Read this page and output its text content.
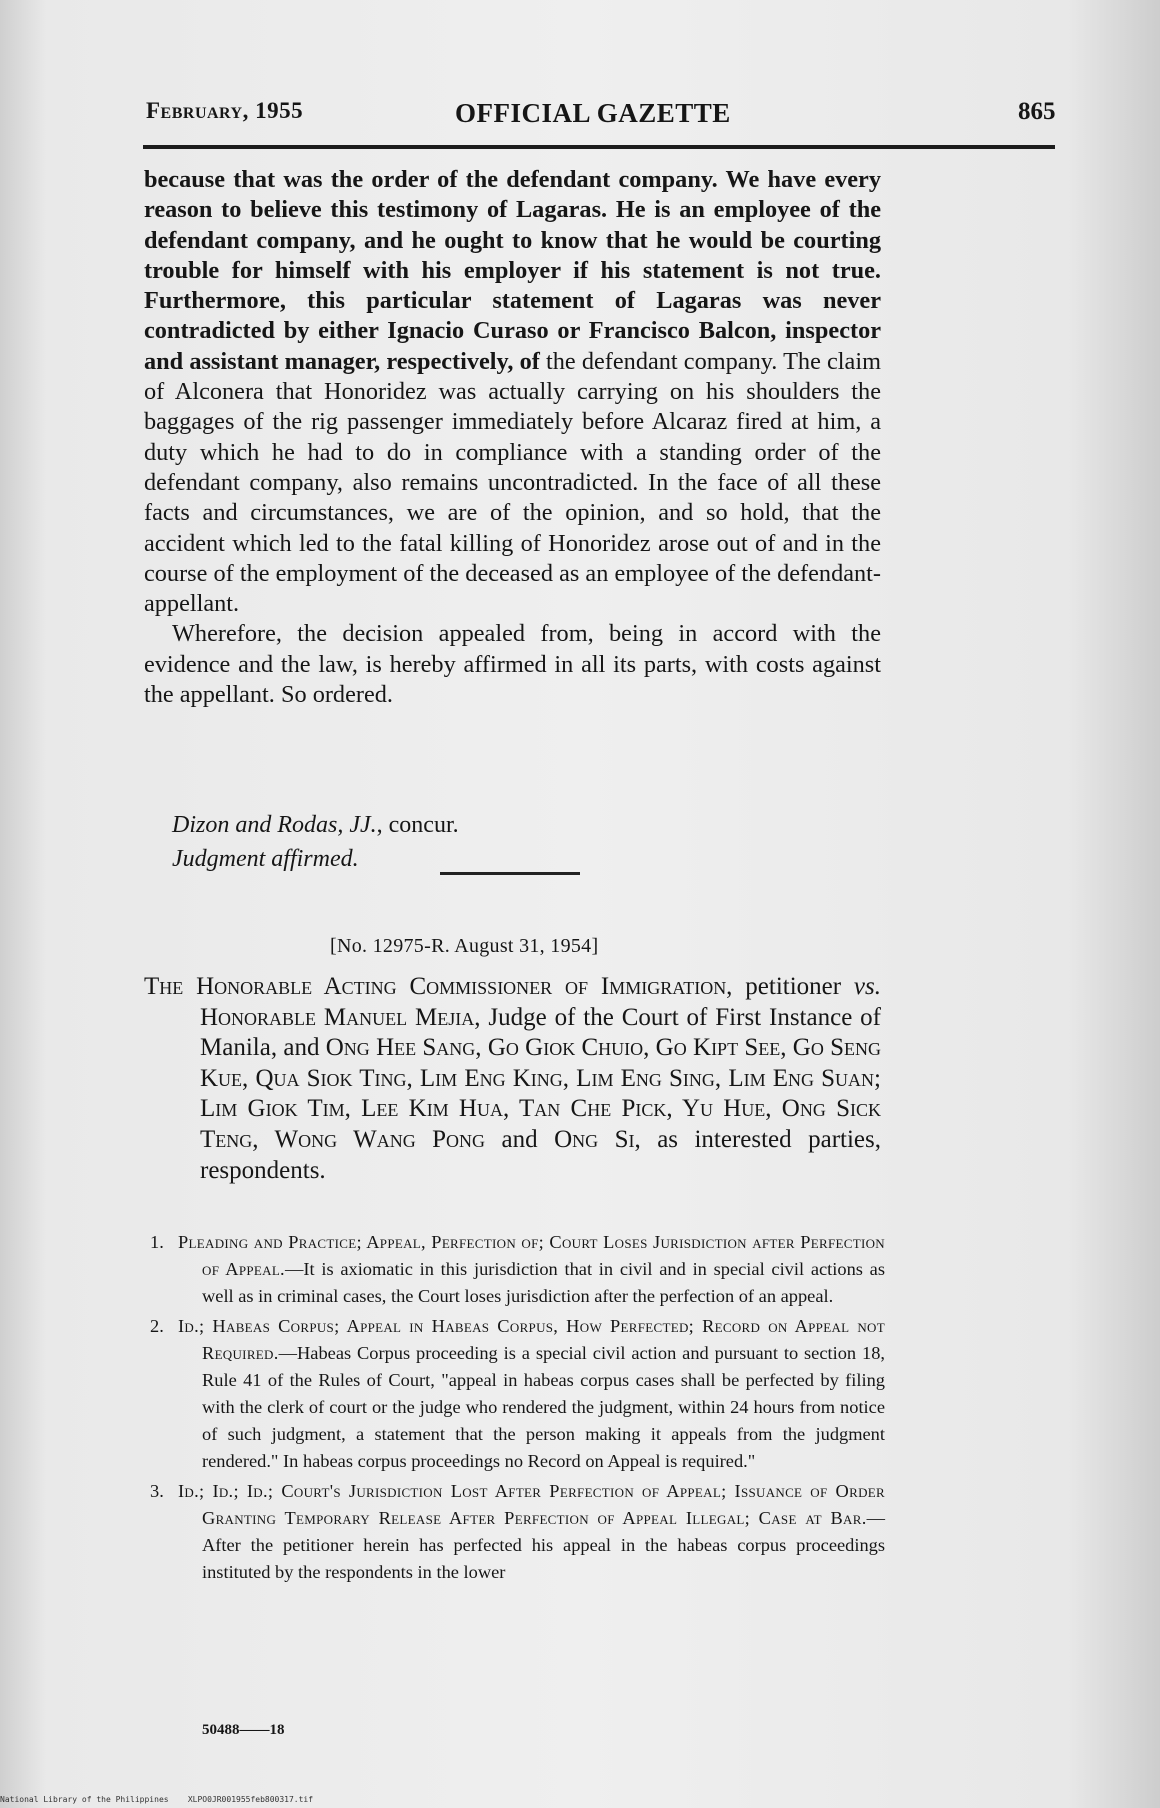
February, 1955	OFFICIAL GAZETTE	865
because that was the order of the defendant company. We have every reason to believe this testimony of Lagaras. He is an employee of the defendant company, and he ought to know that he would be courting trouble for himself with his employer if his statement is not true. Furthermore, this particular statement of Lagaras was never contradicted by either Ignacio Curaso or Francisco Balcon, inspector and assistant manager, respectively, of the defendant company. The claim of Alconera that Honoridez was actually carrying on his shoulders the baggages of the rig passenger immediately before Alcaraz fired at him, a duty which he had to do in compliance with a standing order of the defendant company, also remains uncontradicted. In the face of all these facts and circumstances, we are of the opinion, and so hold, that the accident which led to the fatal killing of Honoridez arose out of and in the course of the employment of the deceased as an employee of the defendant-appellant.
Wherefore, the decision appealed from, being in accord with the evidence and the law, is hereby affirmed in all its parts, with costs against the appellant. So ordered.
Dizon and Rodas, JJ., concur.
Judgment affirmed.
[No. 12975-R. August 31, 1954]
The Honorable Acting Commissioner of Immigration, petitioner vs. Honorable Manuel Mejia, Judge of the Court of First Instance of Manila, and Ong Hee Sang, Go Giok Chuio, Go Kipt See, Go Seng Kue, Qua Siok Ting, Lim Eng King, Lim Eng Sing, Lim Eng Suan; Lim Giok Tim, Lee Kim Hua, Tan Che Pick, Yu Hue, Ong Sick Teng, Wong Wang Pong and Ong Si, as interested parties, respondents.
1. Pleading and Practice; Appeal, Perfection of; Court Loses Jurisdiction after Perfection of Appeal.—It is axiomatic in this jurisdiction that in civil and in special civil actions as well as in criminal cases, the Court loses jurisdiction after the perfection of an appeal.
2. Id.; Habeas Corpus; Appeal in Habeas Corpus, How Perfected; Record on Appeal not Required.—Habeas Corpus proceeding is a special civil action and pursuant to section 18, Rule 41 of the Rules of Court, "appeal in habeas corpus cases shall be perfected by filing with the clerk of court or the judge who rendered the judgment, within 24 hours from notice of such judgment, a statement that the person making it appeals from the judgment rendered." In habeas corpus proceedings no Record on Appeal is required."
3. Id.; Id.; Id.; Court's Jurisdiction Lost After Perfection of Appeal; Issuance of Order Granting Temporary Release After Perfection of Appeal Illegal; Case at Bar.—After the petitioner herein has perfected his appeal in the habeas corpus proceedings instituted by the respondents in the lower
50488——18
National Library of the Philippines    XLPO0JR001955feb800317.tif
